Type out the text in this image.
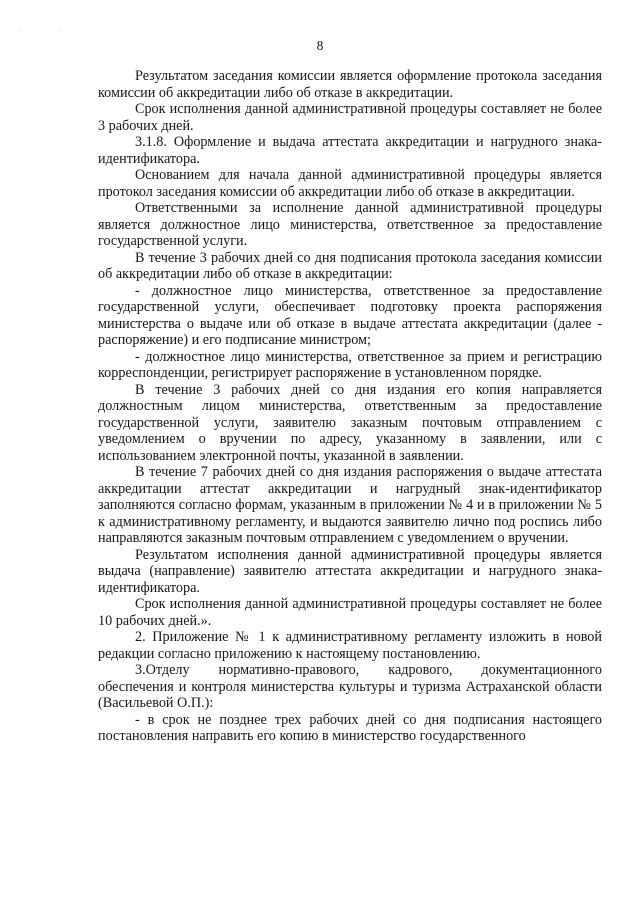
. .
8

Результатом заседания комиссии является оформление протокола заседания комиссии об аккредитации либо об отказе в аккредитации.

Срок исполнения данной административной процедуры составляет не более 3 рабочих дней.

3.1.8. Оформление и выдача аттестата аккредитации и нагрудного знака-идентификатора.

Основанием для начала данной административной процедуры является протокол заседания комиссии об аккредитации либо об отказе в аккредитации.

Ответственными за исполнение данной административной процедуры является должностное лицо министерства, ответственное за предоставление государственной услуги.

В течение 3 рабочих дней со дня подписания протокола заседания комиссии об аккредитации либо об отказе в аккредитации:

- должностное лицо министерства, ответственное за предоставление государственной услуги, обеспечивает подготовку проекта распоряжения министерства о выдаче или об отказе в выдаче аттестата аккредитации (далее - распоряжение) и его подписание министром;

- должностное лицо министерства, ответственное за прием и регистрацию корреспонденции, регистрирует распоряжение в установленном порядке.

В течение 3 рабочих дней со дня издания его копия направляется должностным лицом министерства, ответственным за предоставление государственной услуги, заявителю заказным почтовым отправлением с уведомлением о вручении по адресу, указанному в заявлении, или с использованием электронной почты, указанной в заявлении.

В течение 7 рабочих дней со дня издания распоряжения о выдаче аттестата аккредитации аттестат аккредитации и нагрудный знак-идентификатор заполняются согласно формам, указанным в приложении № 4 и в приложении № 5 к административному регламенту, и выдаются заявителю лично под роспись либо направляются заказным почтовым отправлением с уведомлением о вручении.

Результатом исполнения данной административной процедуры является выдача (направление) заявителю аттестата аккредитации и нагрудного знака-идентификатора.

Срок исполнения данной административной процедуры составляет не более 10 рабочих дней.».

2. Приложение № 1 к административному регламенту изложить в новой редакции согласно приложению к настоящему постановлению.

3.Отделу нормативно-правового, кадрового, документационного обеспечения и контроля министерства культуры и туризма Астраханской области (Васильевой О.П.):

- в срок не позднее трех рабочих дней со дня подписания настоящего постановления направить его копию в министерство государственного
